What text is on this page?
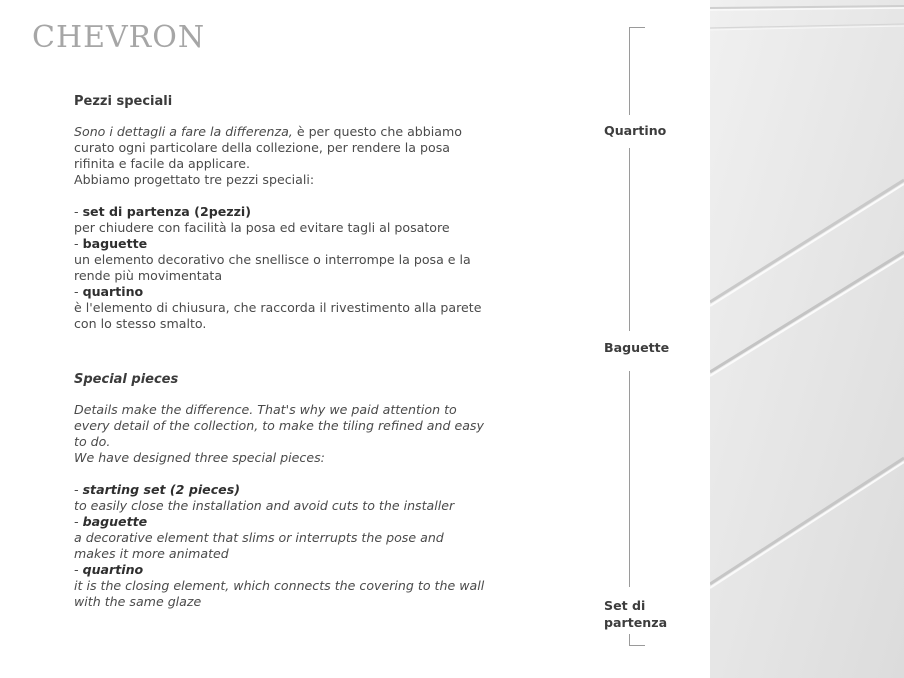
CHEVRON

Pezzi speciali

Sono i dettagli a fare la differenza, è per questo che abbiamo curato ogni particolare della collezione, per rendere la posa rifinita e facile da applicare.

Abbiamo progettato tre pezzi speciali:

- set di partenza (2pezzi)

per chiudere con facilità la posa ed evitare tagli al posatore

- baguette

un elemento decorativo che snellisce o interrompe la posa e la rende più movimentata

- quartino

è l'elemento di chiusura, che raccorda il rivestimento alla parete con lo stesso smalto.

Special pieces

Details make the difference. That's why we paid attention to every detail of the collection, to make the tiling refined and easy to do.

We have designed three special pieces:

- starting set (2 pieces)

to easily close the installation and avoid cuts to the installer

- baguette

a decorative element that slims or interrupts the pose and makes it more animated

- quartino

it is the closing element, which connects the covering to the wall with the same glaze

Quartino
Baguette
Set di
partenza
